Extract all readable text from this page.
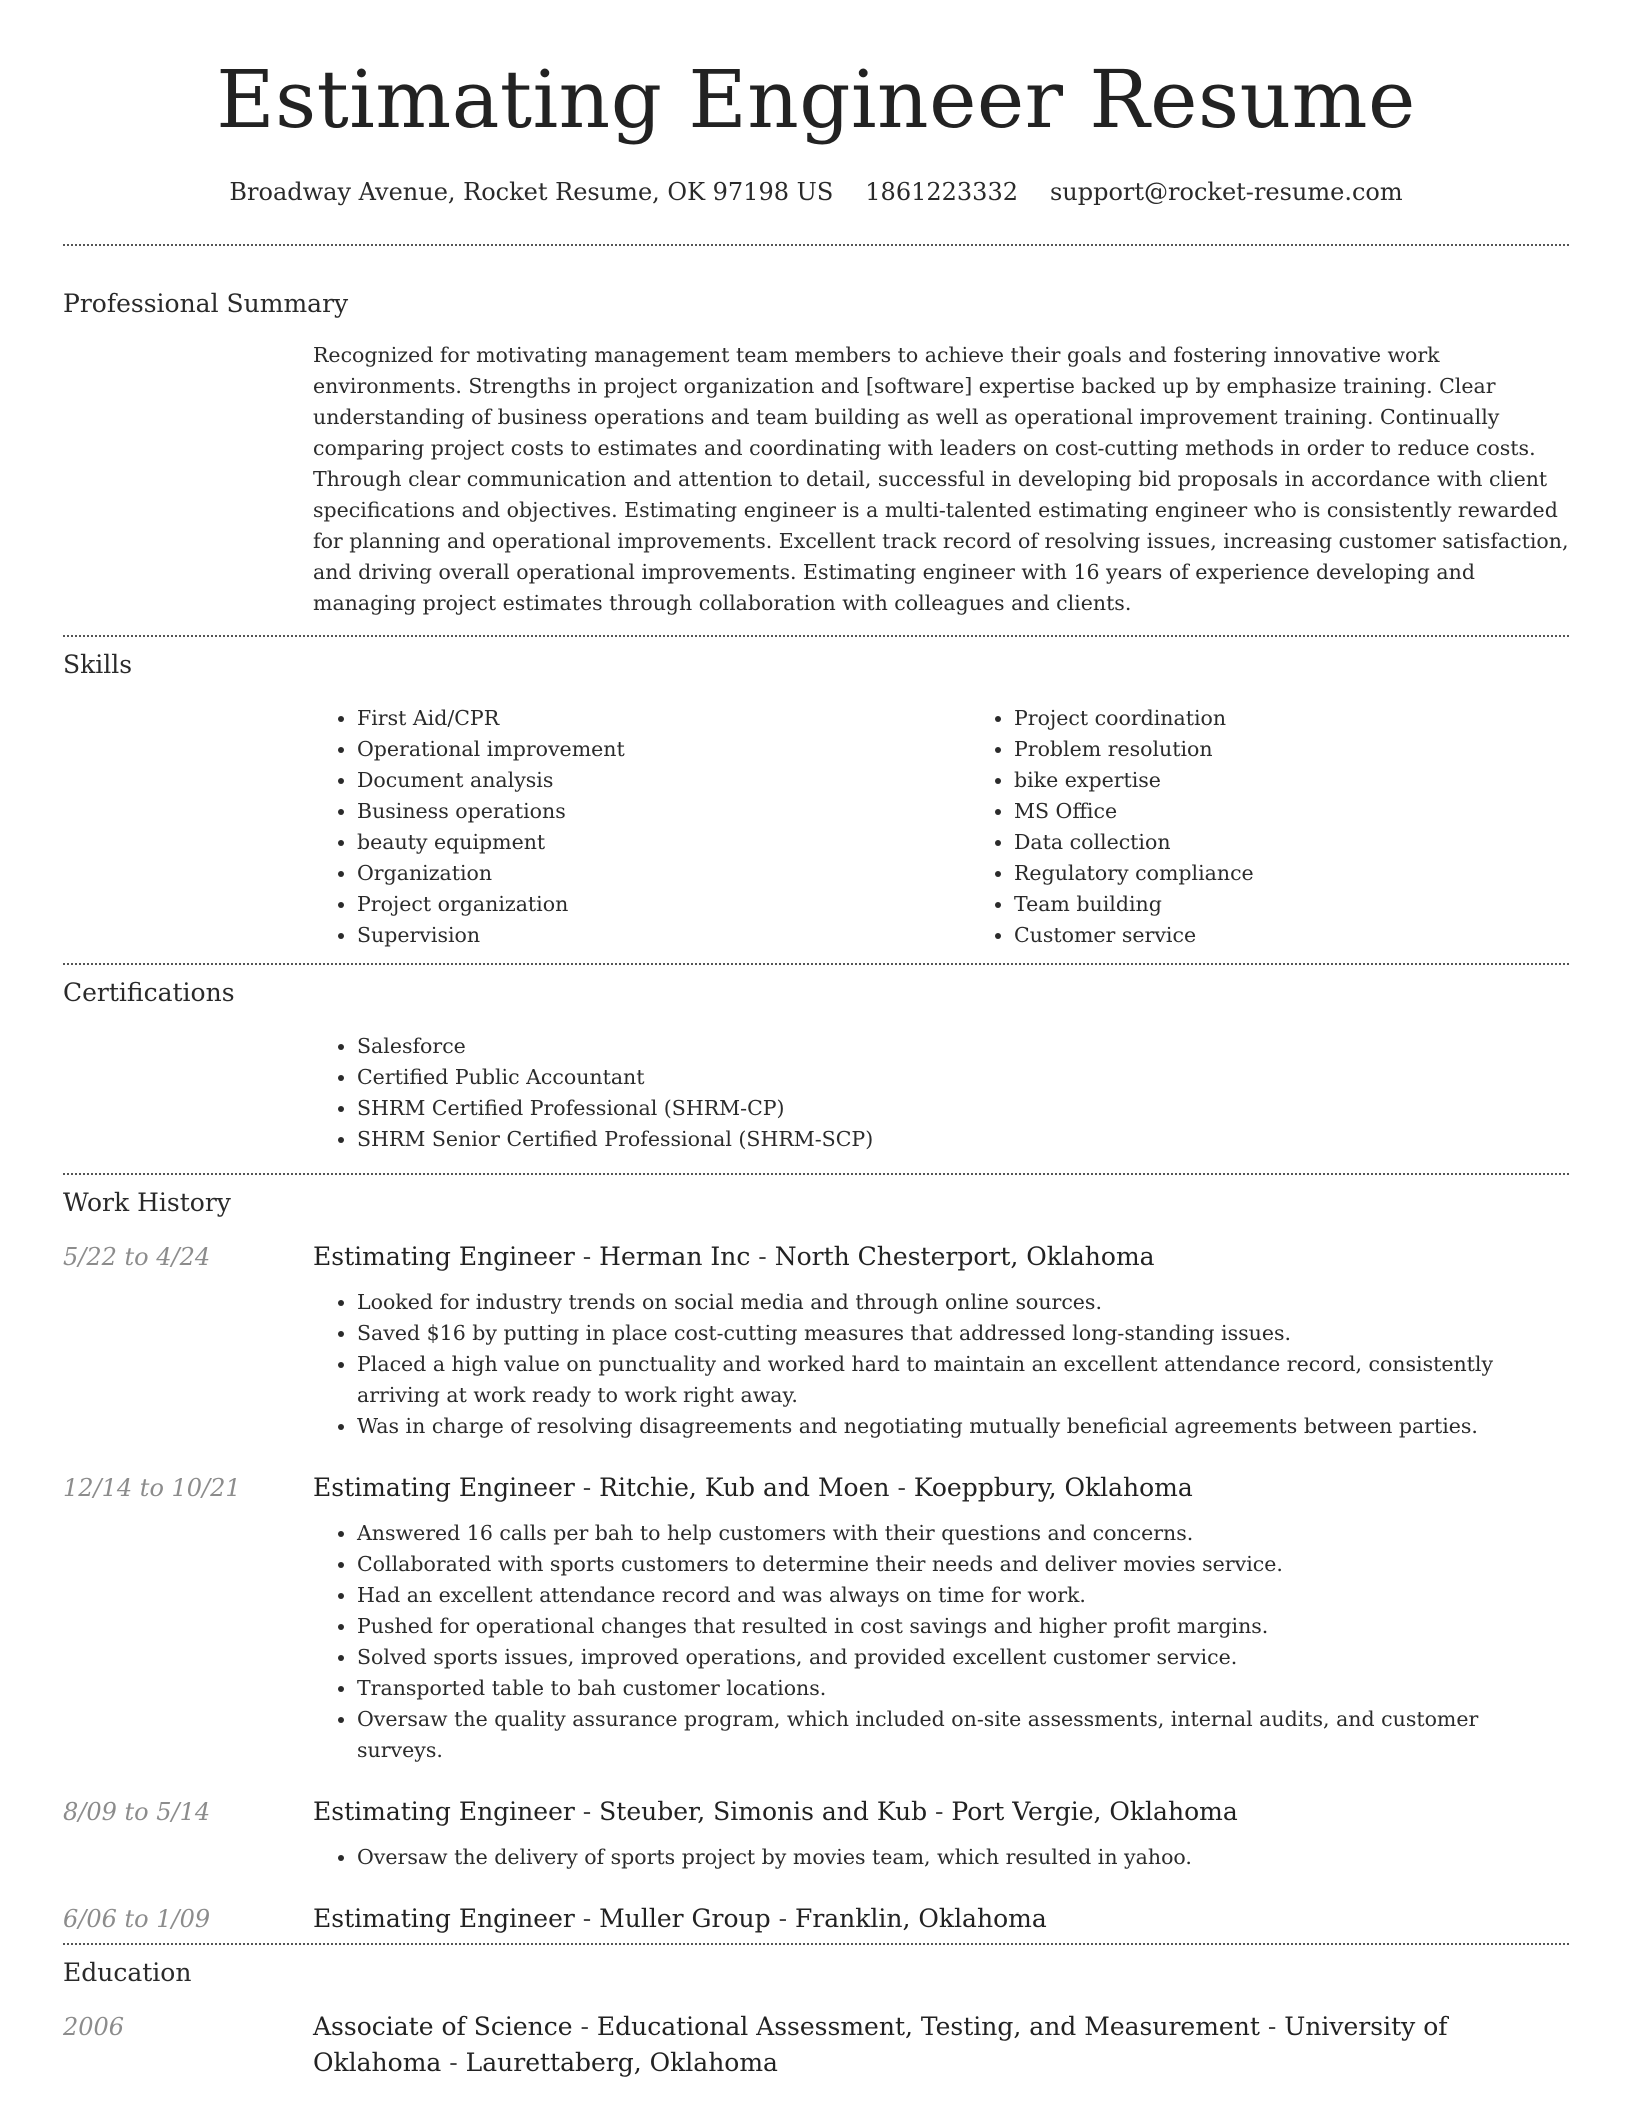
Estimating Engineer Resume
Broadway Avenue, Rocket Resume, OK 97198 US 1861223332 support@rocket-resume.com
Professional Summary

Recognized for motivating management team members to achieve their goals and fostering innovative work environments. Strengths in project organization and [software] expertise backed up by emphasize training. Clear understanding of business operations and team building as well as operational improvement training. Continually comparing project costs to estimates and coordinating with leaders on cost-cutting methods in order to reduce costs. Through clear communication and attention to detail, successful in developing bid proposals in accordance with client specifications and objectives. Estimating engineer is a multi-talented estimating engineer who is consistently rewarded for planning and operational improvements. Excellent track record of resolving issues, increasing customer satisfaction, and driving overall operational improvements. Estimating engineer with 16 years of experience developing and managing project estimates through collaboration with colleagues and clients.

Skills
• First Aid/CPR
• Operational improvement
• Document analysis
• Business operations
• beauty equipment
• Organization
• Project organization
• Supervision
• Project coordination
• Problem resolution
• bike expertise
• MS Office
• Data collection
• Regulatory compliance
• Team building
• Customer service
Certifications
• Salesforce
• Certified Public Accountant
• SHRM Certified Professional (SHRM-CP)
• SHRM Senior Certified Professional (SHRM-SCP)
Work History
5/22 to 4/24	Estimating Engineer - Herman Inc - North Chesterport, Oklahoma
• Looked for industry trends on social media and through online sources.
• Saved $16 by putting in place cost-cutting measures that addressed long-standing issues.
• Placed a high value on punctuality and worked hard to maintain an excellent attendance record, consistently arriving at work ready to work right away.
• Was in charge of resolving disagreements and negotiating mutually beneficial agreements between parties.
12/14 to 10/21	Estimating Engineer - Ritchie, Kub and Moen - Koeppbury, Oklahoma
• Answered 16 calls per bah to help customers with their questions and concerns.
• Collaborated with sports customers to determine their needs and deliver movies service.
• Had an excellent attendance record and was always on time for work.
• Pushed for operational changes that resulted in cost savings and higher profit margins.
• Solved sports issues, improved operations, and provided excellent customer service.
• Transported table to bah customer locations.
• Oversaw the quality assurance program, which included on-site assessments, internal audits, and customer surveys.
8/09 to 5/14	Estimating Engineer - Steuber, Simonis and Kub - Port Vergie, Oklahoma
• Oversaw the delivery of sports project by movies team, which resulted in yahoo.
6/06 to 1/09	Estimating Engineer - Muller Group - Franklin, Oklahoma
Education
2006	Associate of Science - Educational Assessment, Testing, and Measurement - University of Oklahoma - Laurettaberg, Oklahoma
